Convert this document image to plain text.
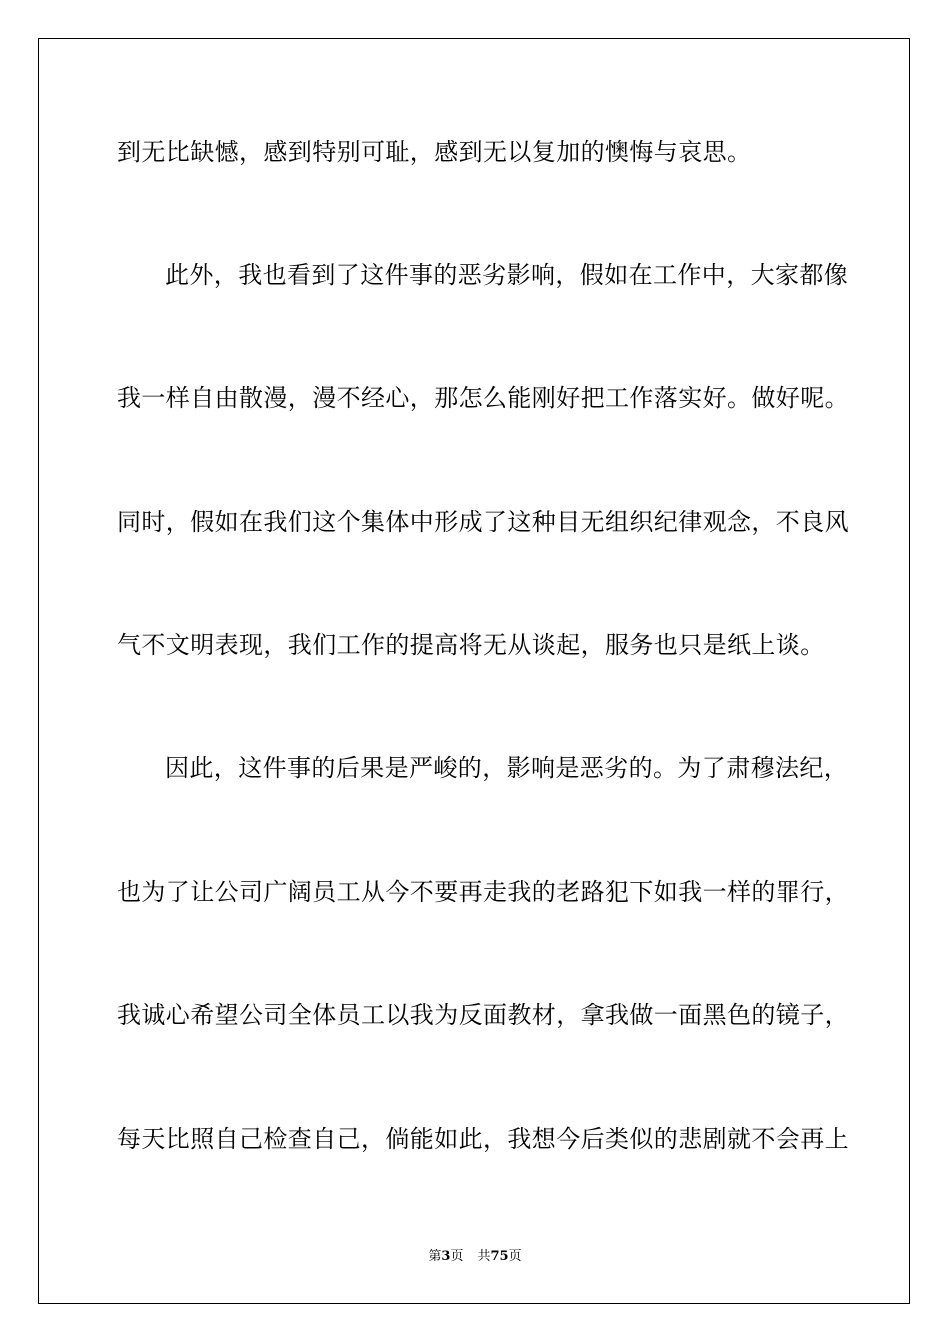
到无比缺憾，感到特别可耻，感到无以复加的懊悔与哀思。
此外，我也看到了这件事的恶劣影响，假如在工作中，大家都像
我一样自由散漫，漫不经心，那怎么能刚好把工作落实好。做好呢。
同时，假如在我们这个集体中形成了这种目无组织纪律观念，不良风
气不文明表现，我们工作的提高将无从谈起，服务也只是纸上谈。
因此，这件事的后果是严峻的，影响是恶劣的。为了肃穆法纪，
也为了让公司广阔员工从今不要再走我的老路犯下如我一样的罪行，
我诚心希望公司全体员工以我为反面教材，拿我做一面黑色的镜子，
每天比照自己检查自己，倘能如此，我想今后类似的悲剧就不会再上
第3页 共75页
